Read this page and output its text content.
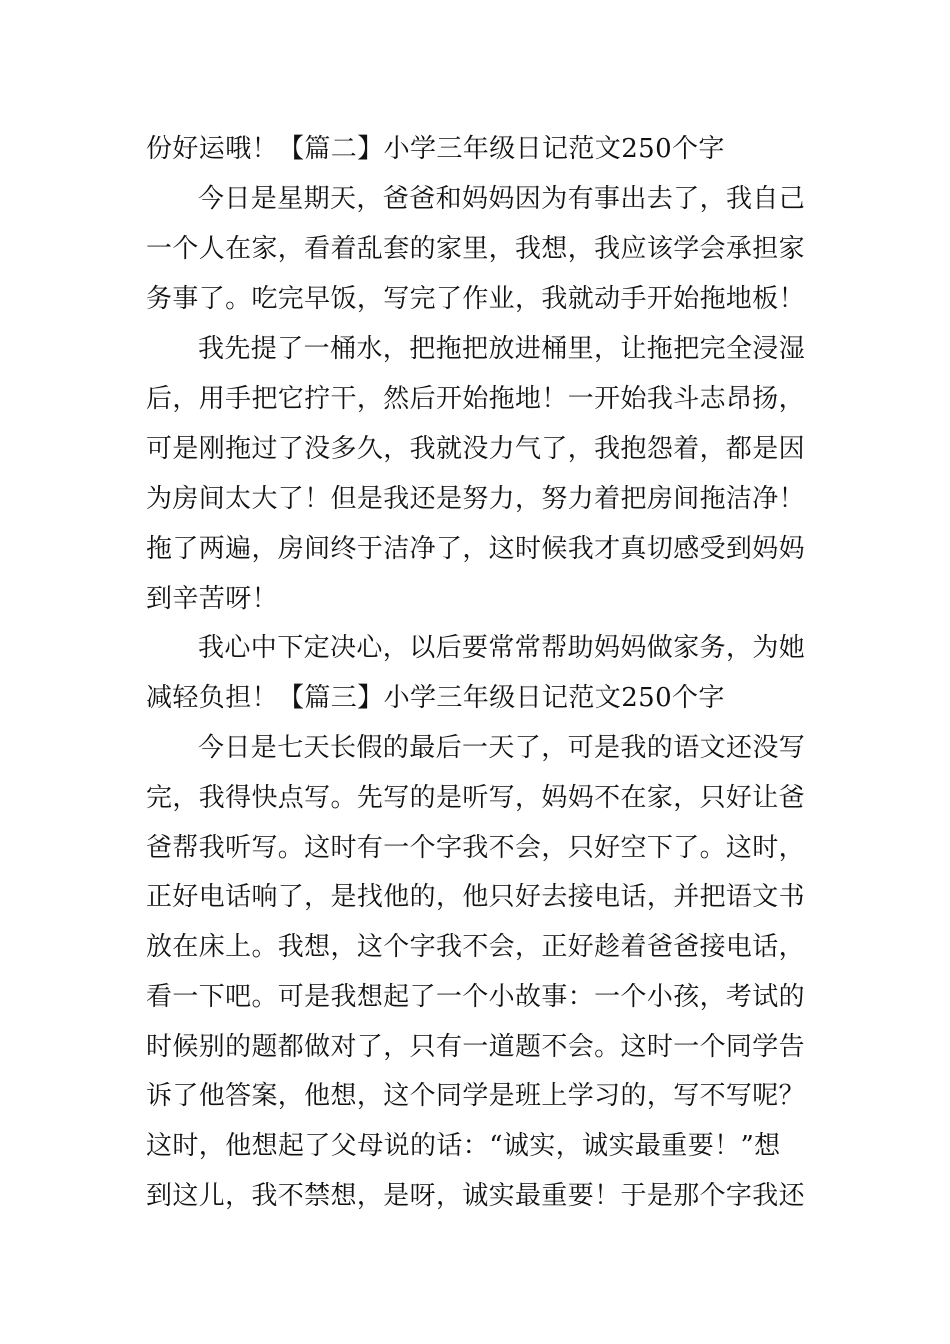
份好运哦！【篇二】小学三年级日记范文250个字
今日是星期天，爸爸和妈妈因为有事出去了，我自己
一个人在家，看着乱套的家里，我想，我应该学会承担家
务事了。吃完早饭，写完了作业，我就动手开始拖地板！
我先提了一桶水，把拖把放进桶里，让拖把完全浸湿
后，用手把它拧干，然后开始拖地！一开始我斗志昂扬，
可是刚拖过了没多久，我就没力气了，我抱怨着，都是因
为房间太大了！但是我还是努力，努力着把房间拖洁净！
拖了两遍，房间终于洁净了，这时候我才真切感受到妈妈
到辛苦呀！
我心中下定决心，以后要常常帮助妈妈做家务，为她
减轻负担！【篇三】小学三年级日记范文250个字
今日是七天长假的最后一天了，可是我的语文还没写
完，我得快点写。先写的是听写，妈妈不在家，只好让爸
爸帮我听写。这时有一个字我不会，只好空下了。这时，
正好电话响了，是找他的，他只好去接电话，并把语文书
放在床上。我想，这个字我不会，正好趁着爸爸接电话，
看一下吧。可是我想起了一个小故事：一个小孩，考试的
时候别的题都做对了，只有一道题不会。这时一个同学告
诉了他答案，他想，这个同学是班上学习的，写不写呢？
这时，他想起了父母说的话：“诚实，诚实最重要！”想
到这儿，我不禁想，是呀，诚实最重要！于是那个字我还
